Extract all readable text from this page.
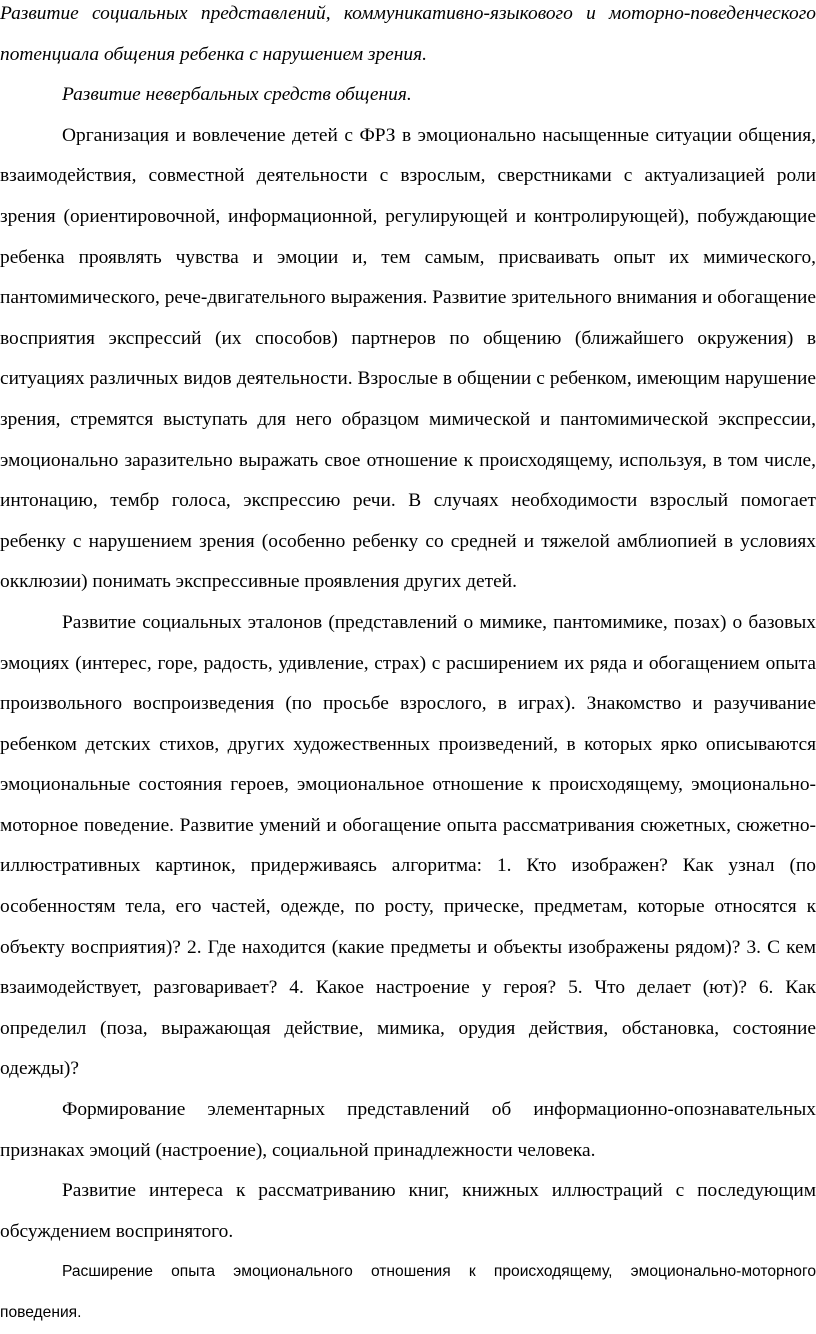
Развитие социальных представлений, коммуникативно-языкового и моторно-поведенческого потенциала общения ребенка с нарушением зрения.

Развитие невербальных средств общения.

Организация и вовлечение детей с ФРЗ в эмоционально насыщенные ситуации общения, взаимодействия, совместной деятельности с взрослым, сверстниками с актуализацией роли зрения (ориентировочной, информационной, регулирующей и контролирующей), побуждающие ребенка проявлять чувства и эмоции и, тем самым, присваивать опыт их мимического, пантомимического, рече-двигательного выражения. Развитие зрительного внимания и обогащение восприятия экспрессий (их способов) партнеров по общению (ближайшего окружения) в ситуациях различных видов деятельности. Взрослые в общении с ребенком, имеющим нарушение зрения, стремятся выступать для него образцом мимической и пантомимической экспрессии, эмоционально заразительно выражать свое отношение к происходящему, используя, в том числе, интонацию, тембр голоса, экспрессию речи. В случаях необходимости взрослый помогает ребенку с нарушением зрения (особенно ребенку со средней и тяжелой амблиопией в условиях окклюзии) понимать экспрессивные проявления других детей.

Развитие социальных эталонов (представлений о мимике, пантомимике, позах) о базовых эмоциях (интерес, горе, радость, удивление, страх) с расширением их ряда и обогащением опыта произвольного воспроизведения (по просьбе взрослого, в играх). Знакомство и разучивание ребенком детских стихов, других художественных произведений, в которых ярко описываются эмоциональные состояния героев, эмоциональное отношение к происходящему, эмоционально-моторное поведение. Развитие умений и обогащение опыта рассматривания сюжетных, сюжетно-иллюстративных картинок, придерживаясь алгоритма: 1. Кто изображен? Как узнал (по особенностям тела, его частей, одежде, по росту, прическе, предметам, которые относятся к объекту восприятия)? 2. Где находится (какие предметы и объекты изображены рядом)? 3. С кем взаимодействует, разговаривает? 4. Какое настроение у героя? 5. Что делает (ют)? 6. Как определил (поза, выражающая действие, мимика, орудия действия, обстановка, состояние одежды)?

Формирование элементарных представлений об информационно-опознавательных признаках эмоций (настроение), социальной принадлежности человека.

Развитие интереса к рассматриванию книг, книжных иллюстраций с последующим обсуждением воспринятого.

Расширение опыта эмоционального отношения к происходящему, эмоционально-моторного поведения.
